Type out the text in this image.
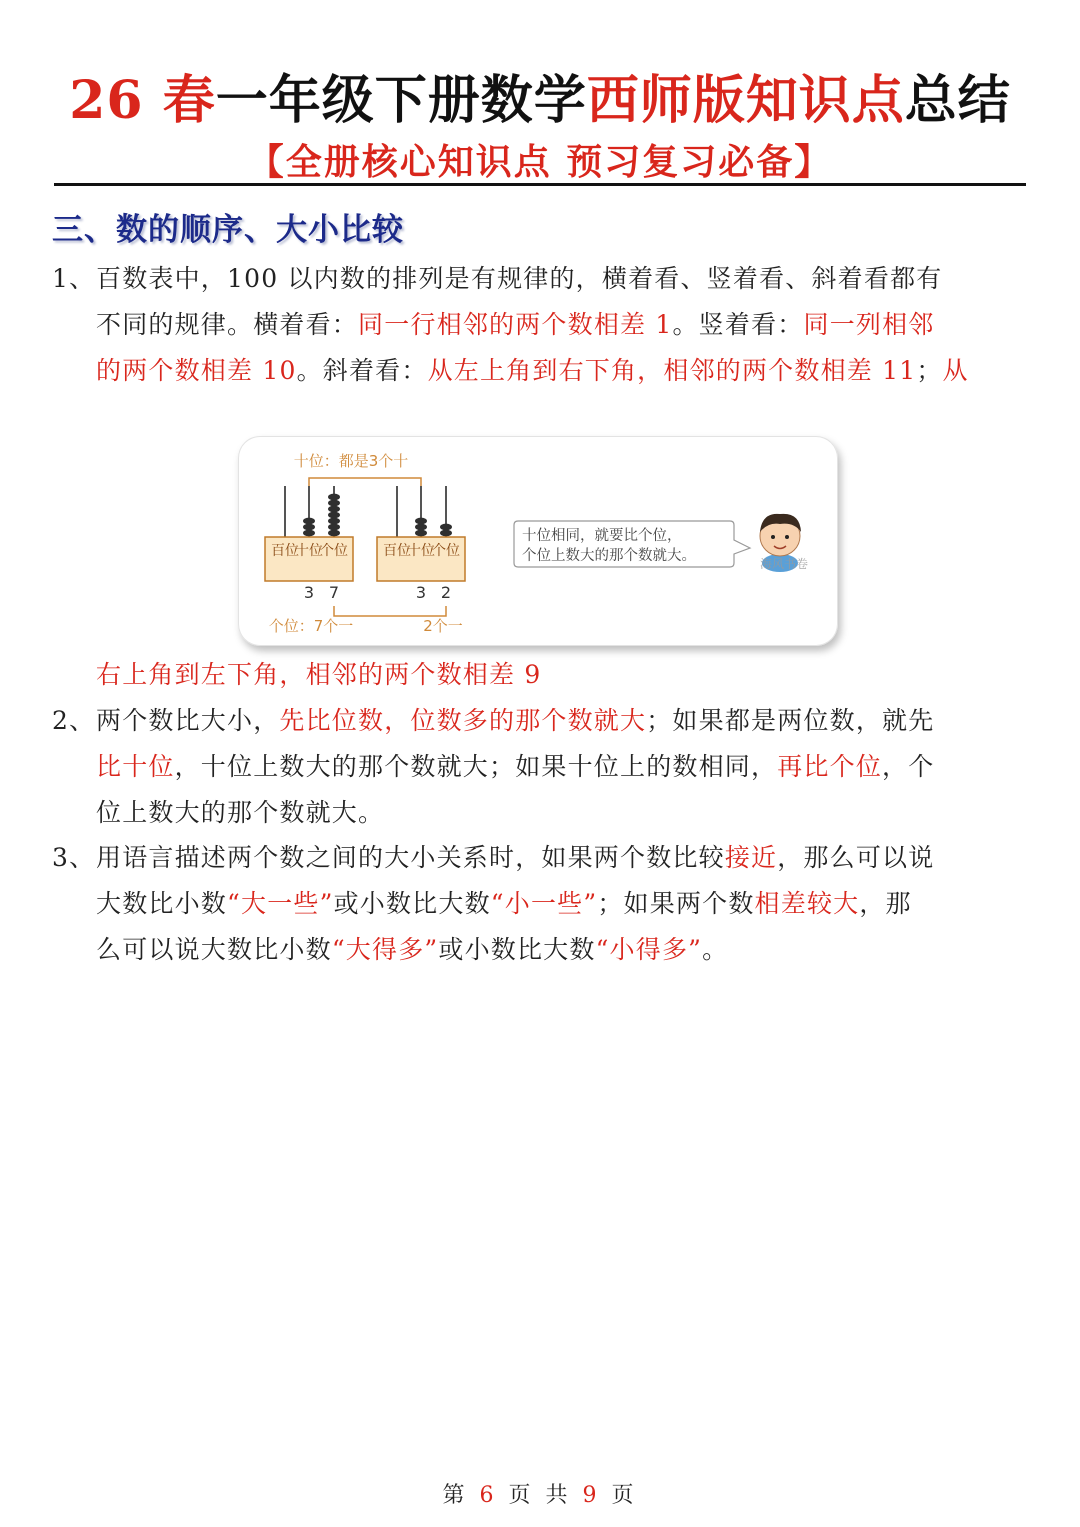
26 春一年级下册数学西师版知识点总结
【全册核心知识点 预习复习必备】
三、数的顺序、大小比较
1、 百数表中，100 以内数的排列是有规律的，横着看、竖着看、斜着看都有
不同的规律。横着看：同一行相邻的两个数相差 1。竖着看：同一列相邻
的两个数相差 10。斜着看：从左上角到右下角，相邻的两个数相差 11；从
十位：都是3个十
百位
十位
个位
3 7
百位
十位
个位
3 2
个位：7个一	2个一
十位相同，就要比个位，
个位上数大的那个数就大。	海风书卷
右上角到左下角，相邻的两个数相差 9
2、 两个数比大小，先比位数，位数多的那个数就大；如果都是两位数，就先
比十位，十位上数大的那个数就大；如果十位上的数相同，再比个位，个
位上数大的那个数就大。
3、 用语言描述两个数之间的大小关系时，如果两个数比较接近，那么可以说
大数比小数“大一些”或小数比大数“小一些”；如果两个数相差较大，那
么可以说大数比小数“大得多”或小数比大数“小得多”。
第 6 页 共 9 页
